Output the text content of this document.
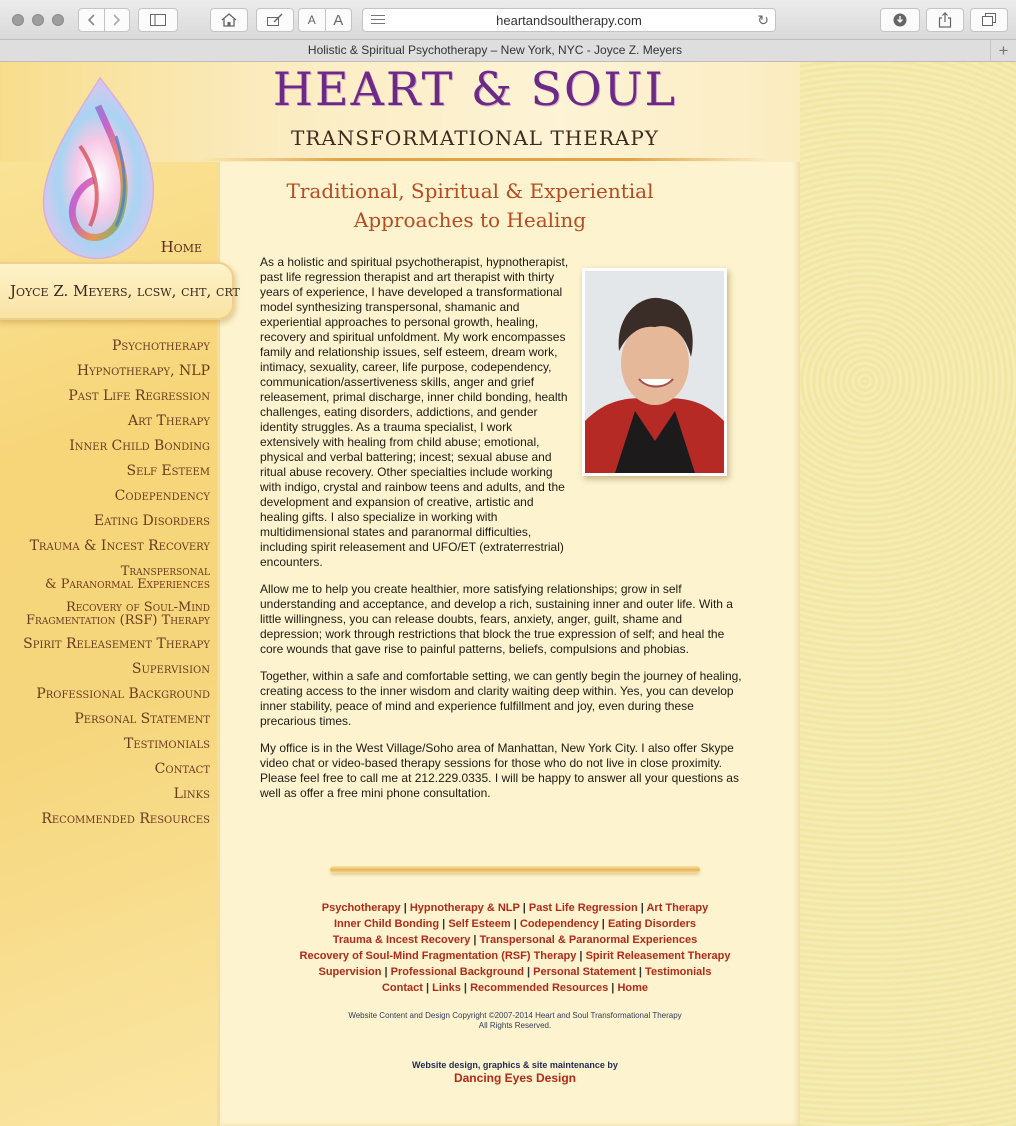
A	A	heartandsoultherapy.com	↻
Holistic & Spiritual Psychotherapy – New York, NYC - Joyce Z. Meyers	+
HEART & SOUL
TRANSFORMATIONAL THERAPY
Home
Joyce Z. Meyers, lcsw, cht, crt
Psychotherapy
Hypnotherapy, NLP
Past Life Regression
Art Therapy
Inner Child Bonding
Self Esteem
Codependency
Eating Disorders
Trauma & Incest Recovery
Transpersonal
& Paranormal Experiences
Recovery of Soul-Mind
Fragmentation (RSF) Therapy
Spirit Releasement Therapy
Supervision
Professional Background
Personal Statement
Testimonials
Contact
Links
Recommended Resources
Traditional, Spiritual & Experiential
Approaches to Healing
As a holistic and spiritual psychotherapist, hypnotherapist,
past life regression therapist and art therapist with thirty
years of experience, I have developed a transformational
model synthesizing transpersonal, shamanic and
experiential approaches to personal growth, healing,
recovery and spiritual unfoldment. My work encompasses
family and relationship issues, self esteem, dream work,
intimacy, sexuality, career, life purpose, codependency,
communication/assertiveness skills, anger and grief
releasement, primal discharge, inner child bonding, health
challenges, eating disorders, addictions, and gender
identity struggles. As a trauma specialist, I work
extensively with healing from child abuse; emotional,
physical and verbal battering; incest; sexual abuse and
ritual abuse recovery. Other specialties include working
with indigo, crystal and rainbow teens and adults, and the
development and expansion of creative, artistic and
healing gifts. I also specialize in working with
multidimensional states and paranormal difficulties,
including spirit releasement and UFO/ET (extraterrestrial)
encounters.
Allow me to help you create healthier, more satisfying relationships; grow in self
understanding and acceptance, and develop a rich, sustaining inner and outer life. With a
little willingness, you can release doubts, fears, anxiety, anger, guilt, shame and
depression; work through restrictions that block the true expression of self; and heal the
core wounds that gave rise to painful patterns, beliefs, compulsions and phobias.
Together, within a safe and comfortable setting, we can gently begin the journey of healing,
creating access to the inner wisdom and clarity waiting deep within. Yes, you can develop
inner stability, peace of mind and experience fulfillment and joy, even during these
precarious times.
My office is in the West Village/Soho area of Manhattan, New York City. I also offer Skype
video chat or video-based therapy sessions for those who do not live in close proximity.
Please feel free to call me at 212.229.0335. I will be happy to answer all your questions as
well as offer a free mini phone consultation.
Psychotherapy | Hypnotherapy & NLP | Past Life Regression | Art Therapy
Inner Child Bonding | Self Esteem | Codependency | Eating Disorders
Trauma & Incest Recovery | Transpersonal & Paranormal Experiences
Recovery of Soul-Mind Fragmentation (RSF) Therapy | Spirit Releasement Therapy
Supervision | Professional Background | Personal Statement | Testimonials
Contact | Links | Recommended Resources | Home
Website Content and Design Copyright ©2007-2014 Heart and Soul Transformational Therapy
All Rights Reserved.
Website design, graphics & site maintenance by
Dancing Eyes Design
